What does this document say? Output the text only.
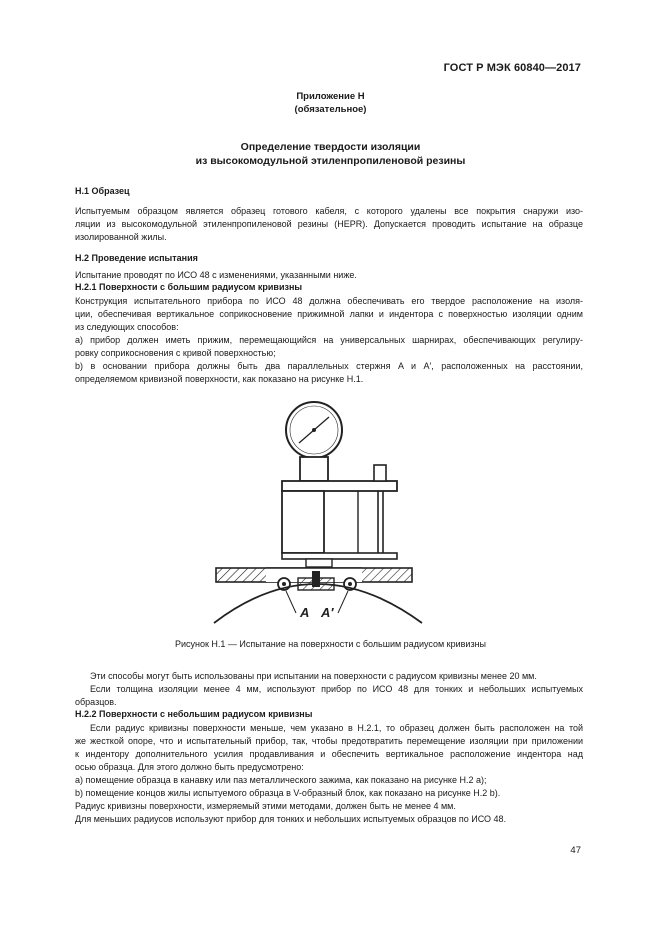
ГОСТ Р МЭК 60840—2017
Приложение Н
(обязательное)
Определение твердости изоляции
из высокомодульной этиленпропиленовой резины
Н.1 Образец
Испытуемым образцом является образец готового кабеля, с которого удалены все покрытия снаружи изо-
ляции из высокомодульной этиленпропиленовой резины (HEPR). Допускается проводить испытание на образце
изолированной жилы.
Н.2 Проведение испытания
Испытание проводят по ИСО 48 с изменениями, указанными ниже.
Н.2.1 Поверхности с большим радиусом кривизны
Конструкция испытательного прибора по ИСО 48 должна обеспечивать его твердое расположение на изоля-
ции, обеспечивая вертикальное соприкосновение прижимной лапки и индентора с поверхностью изоляции одним
из следующих способов:
а) прибор должен иметь прижим, перемещающийся на универсальных шарнирах, обеспечивающих регулиру-
ровку соприкосновения с кривой поверхностью;
b) в основании прибора должны быть два параллельных стержня A и A′, расположенных на расстоянии,
определяемом кривизной поверхности, как показано на рисунке Н.1.
A A′
Рисунок Н.1 — Испытание на поверхности с большим радиусом кривизны
Эти способы могут быть использованы при испытании на поверхности с радиусом кривизны менее 20 мм.
Если толщина изоляции менее 4 мм, используют прибор по ИСО 48 для тонких и небольших испытуемых
образцов.
Н.2.2 Поверхности с небольшим радиусом кривизны
Если радиус кривизны поверхности меньше, чем указано в Н.2.1, то образец должен быть расположен на той
же жесткой опоре, что и испытательный прибор, так, чтобы предотвратить перемещение изоляции при приложении
к индентору дополнительного усилия продавливания и обеспечить вертикальное расположение индентора над
осью образца. Для этого должно быть предусмотрено:
а) помещение образца в канавку или паз металлического зажима, как показано на рисунке Н.2 а);
b) помещение концов жилы испытуемого образца в V-образный блок, как показано на рисунке Н.2 b).
Радиус кривизны поверхности, измеряемый этими методами, должен быть не менее 4 мм.
Для меньших радиусов используют прибор для тонких и небольших испытуемых образцов по ИСО 48.
47
